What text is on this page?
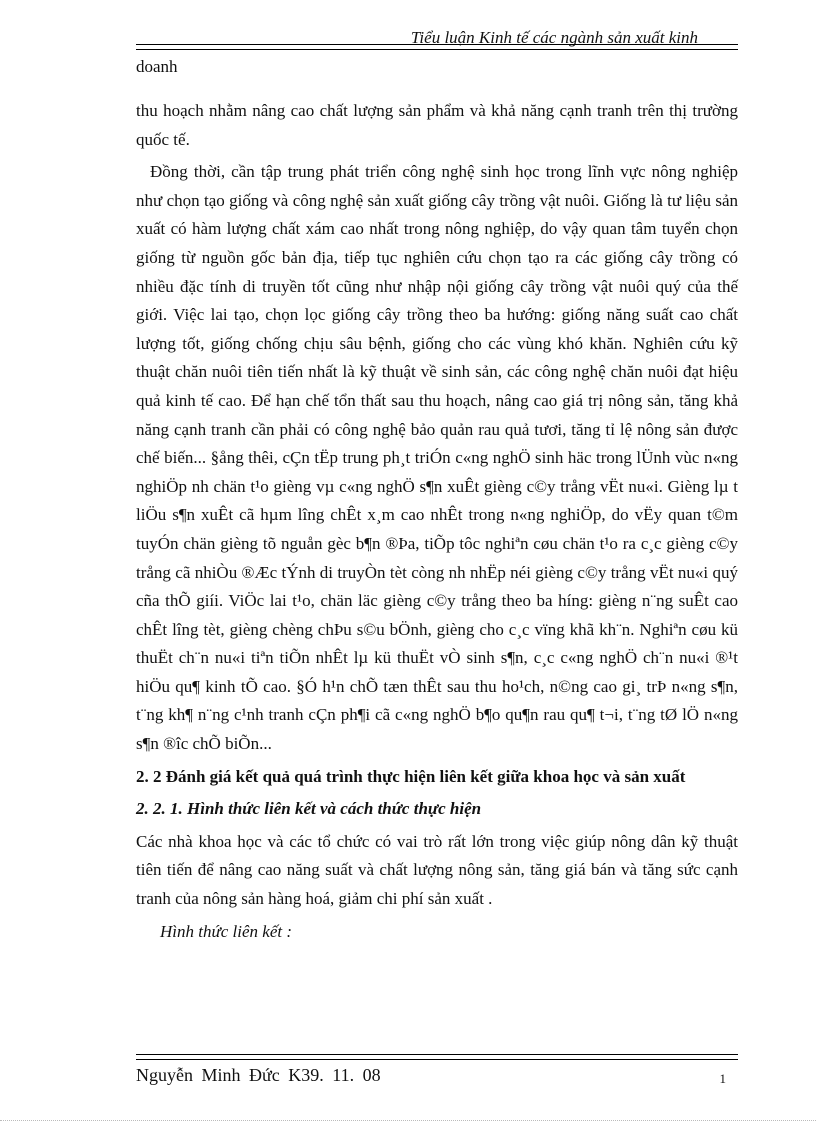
Tiểu luận Kinh tế các ngành sản xuất kinh
doanh

thu hoạch nhằm nâng cao chất lượng sản phẩm và khả năng cạnh tranh trên thị trường quốc tế.

Đồng thời, cần tập trung phát triển công nghệ sinh học trong lĩnh vực nông nghiệp như chọn tạo giống và công nghệ sản xuất giống cây trồng vật nuôi. Giống là tư liệu sản xuất có hàm lượng chất xám cao nhất trong nông nghiệp, do vậy quan tâm tuyển chọn giống từ nguồn gốc bản địa, tiếp tục nghiên cứu chọn tạo ra các giống cây trồng có nhiều đặc tính di truyền tốt cũng như nhập nội giống cây trồng vật nuôi quý của thế giới. Việc lai tạo, chọn lọc giống cây trồng theo ba hướng: giống năng suất cao chất lượng tốt, giống chống chịu sâu bệnh, giống cho các vùng khó khăn. Nghiên cứu kỹ thuật chăn nuôi tiên tiến nhất là kỹ thuật về sinh sản, các công nghệ chăn nuôi đạt hiệu quả kinh tế cao. Để hạn chế tổn thất sau thu hoạch, nâng cao giá trị nông sản, tăng khả năng cạnh tranh cần phải có công nghệ bảo quản rau quả tươi, tăng tỉ lệ nông sản được chế biến... §ång thêi, cÇn tËp trung ph¸t triÓn c«ng nghÖ sinh häc trong lÜnh vùc n«ng nghiÖp nh chän t¹o gièng vµ c«ng nghÖ s¶n xuÊt gièng c©y trång vËt nu«i. Gièng lµ t liÖu s¶n xuÊt cã hµm lîng chÊt x¸m cao nhÊt trong n«ng nghiÖp, do vËy quan t©m tuyÓn chän gièng tõ nguån gèc b¶n ®Þa, tiÕp tôc nghiªn cøu chän t¹o ra c¸c gièng c©y trång cã nhiÒu ®Æc tÝnh di truyÒn tèt còng nh nhËp néi gièng c©y trång vËt nu«i quý cña thÕ giíi. ViÖc lai t¹o, chän läc gièng c©y trång theo ba híng: gièng n¨ng suÊt cao chÊt lîng tèt, gièng chèng chÞu s©u bÖnh, gièng cho c¸c vïng khã kh¨n. Nghiªn cøu kü thuËt ch¨n nu«i tiªn tiÕn nhÊt lµ kü thuËt vÒ sinh s¶n, c¸c c«ng nghÖ ch¨n nu«i ®¹t hiÖu qu¶ kinh tÕ cao. §Ó h¹n chÕ tæn thÊt sau thu ho¹ch, n©ng cao gi¸ trÞ n«ng s¶n, t¨ng kh¶ n¨ng c¹nh tranh cÇn ph¶i cã c«ng nghÖ b¶o qu¶n rau qu¶ t¬i, t¨ng tØ lÖ n«ng s¶n ®îc chÕ biÕn...

2. 2 Đánh giá kết quả quá trình thực hiện liên kết giữa khoa học và sản xuất

2. 2. 1. Hình thức liên kết và cách thức thực hiện

Các nhà khoa học và các tổ chức có vai trò rất lớn trong việc giúp nông dân kỹ thuật tiên tiến để nâng cao năng suất và chất lượng nông sản, tăng giá bán và tăng sức cạnh tranh của nông sản hàng hoá, giảm chi phí sản xuất .

Hình thức liên kết :

Nguyễn Minh Đức K39. 11. 08	1
